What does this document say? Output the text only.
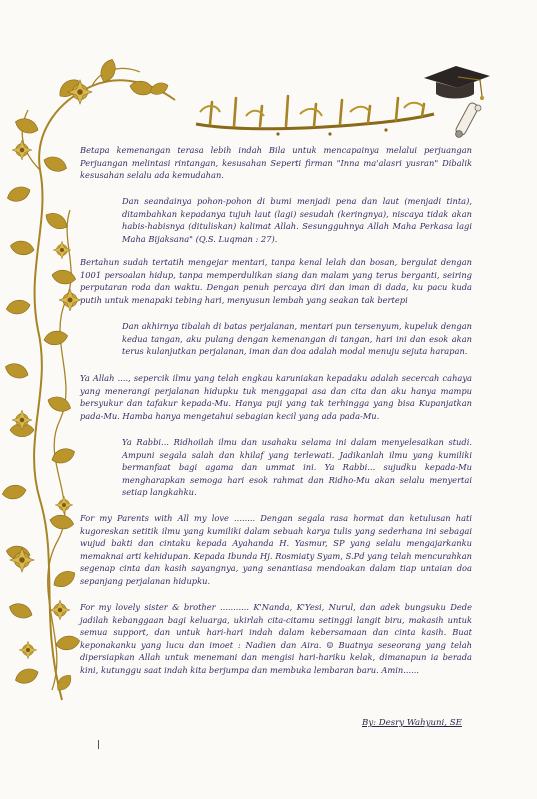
Betapa kemenangan terasa lebih indah Bila untuk mencapainya melalui perjuangan Perjuangan melintasi rintangan, kesusahan Seperti firman "Inna ma'alasri yusran" Dibalik kesusahan selalu ada kemudahan.

Dan seandainya pohon-pohon di bumi menjadi pena dan laut (menjadi tinta), ditambahkan kepadanya tujuh laut (lagi) sesudah (keringnya), niscaya tidak akan habis-habisnya (dituliskan) kalimat Allah. Sesungguhnya Allah Maha Perkasa lagi Maha Bijaksana" (Q.S. Luqman : 27).

Bertahun sudah tertatih mengejar mentari, tanpa kenal lelah dan bosan, bergulat dengan 1001 persoalan hidup, tanpa memperdulikan siang dan malam yang terus berganti, seiring perputaran roda dan waktu. Dengan penuh percaya diri dan iman di dada, ku pacu kuda putih untuk menapaki tebing hari, menyusun lembah yang seakan tak bertepi

Dan akhirnya tibalah di batas perjalanan, mentari pun tersenyum, kupeluk dengan kedua tangan, aku pulang dengan kemenangan di tangan, hari ini dan esok akan terus kulanjutkan perjalanan, iman dan doa adalah modal menuju sejuta harapan.

Ya Allah ...., sepercik ilmu yang telah engkau karuniakan kepadaku adalah secercah cahaya yang menerangi perjalanan hidupku tuk menggapai asa dan cita dan aku hanya mampu bersyukur dan tafakur kepada-Mu. Hanya puji yang tak terhingga yang bisa Kupanjatkan pada-Mu. Hamba hanya mengetahui sebagian kecil yang ada pada-Mu.

Ya Rabbi... Ridhoilah ilmu dan usahaku selama ini dalam menyelesaikan studi. Ampuni segala salah dan khilaf yang terlewati. Jadikanlah ilmu yang kumiliki bermanfaat bagi agama dan ummat ini. Ya Rabbi... sujudku kepada-Mu mengharapkan semoga hari esok rahmat dan Ridho-Mu akan selalu menyertai setiap langkahku.

For my Parents with All my love ........ Dengan segala rasa hormat dan ketulusan hati kugoreskan setitik ilmu yang kumiliki dalam sebuah karya tulis yang sederhana ini sebagai wujud bakti dan cintaku kepada Ayahanda H. Yasmur, SP yang selalu mengajarkanku memaknai arti kehidupan. Kepada Ibunda Hj. Rosmiaty Syam, S.Pd yang telah mencurahkan segenap cinta dan kasih sayangnya, yang senantiasa mendoakan dalam tiap untaian doa sepanjang perjalanan hidupku.

For my lovely sister & brother ........... K'Nanda, K'Yesi, Nurul, dan adek bungsuku Dede jadilah kebanggaan bagi keluarga, ukirlah cita-citamu setinggi langit biru, makasih untuk semua support, dan untuk hari-hari indah dalam kebersamaan dan cinta kasih. Buat keponakanku yang lucu dan imoet : Nadien dan Aira. ☺ Buatnya seseorang yang telah dipersiapkan Allah untuk menemani dan mengisi hari-hariku kelak, dimanapun ia berada kini, kutunggu saat indah kita berjumpa dan membuka lembaran baru. Amin......

By: Desry Wahyuni, SE
